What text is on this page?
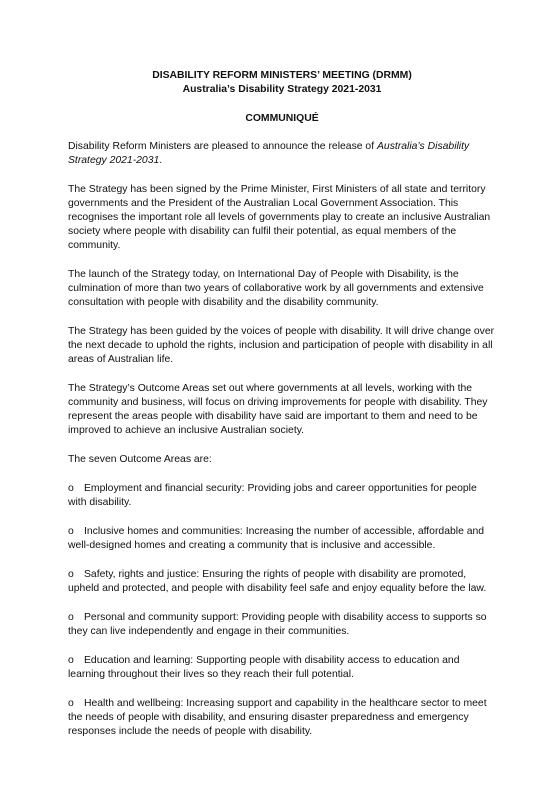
DISABILITY REFORM MINISTERS’ MEETING (DRMM)
Australia’s Disability Strategy 2021-2031
COMMUNIQUÉ

Disability Reform Ministers are pleased to announce the release of Australia’s Disability Strategy 2021-2031.

The Strategy has been signed by the Prime Minister, First Ministers of all state and territory governments and the President of the Australian Local Government Association. This recognises the important role all levels of governments play to create an inclusive Australian society where people with disability can fulfil their potential, as equal members of the community.

The launch of the Strategy today, on International Day of People with Disability, is the culmination of more than two years of collaborative work by all governments and extensive consultation with people with disability and the disability community.

The Strategy has been guided by the voices of people with disability. It will drive change over the next decade to uphold the rights, inclusion and participation of people with disability in all areas of Australian life.

The Strategy’s Outcome Areas set out where governments at all levels, working with the community and business, will focus on driving improvements for people with disability. They represent the areas people with disability have said are important to them and need to be improved to achieve an inclusive Australian society.

The seven Outcome Areas are:

o Employment and financial security: Providing jobs and career opportunities for people with disability.

o Inclusive homes and communities: Increasing the number of accessible, affordable and well-designed homes and creating a community that is inclusive and accessible.

o Safety, rights and justice: Ensuring the rights of people with disability are promoted, upheld and protected, and people with disability feel safe and enjoy equality before the law.

o Personal and community support: Providing people with disability access to supports so they can live independently and engage in their communities.

o Education and learning: Supporting people with disability access to education and learning throughout their lives so they reach their full potential.

o Health and wellbeing: Increasing support and capability in the healthcare sector to meet the needs of people with disability, and ensuring disaster preparedness and emergency responses include the needs of people with disability.
